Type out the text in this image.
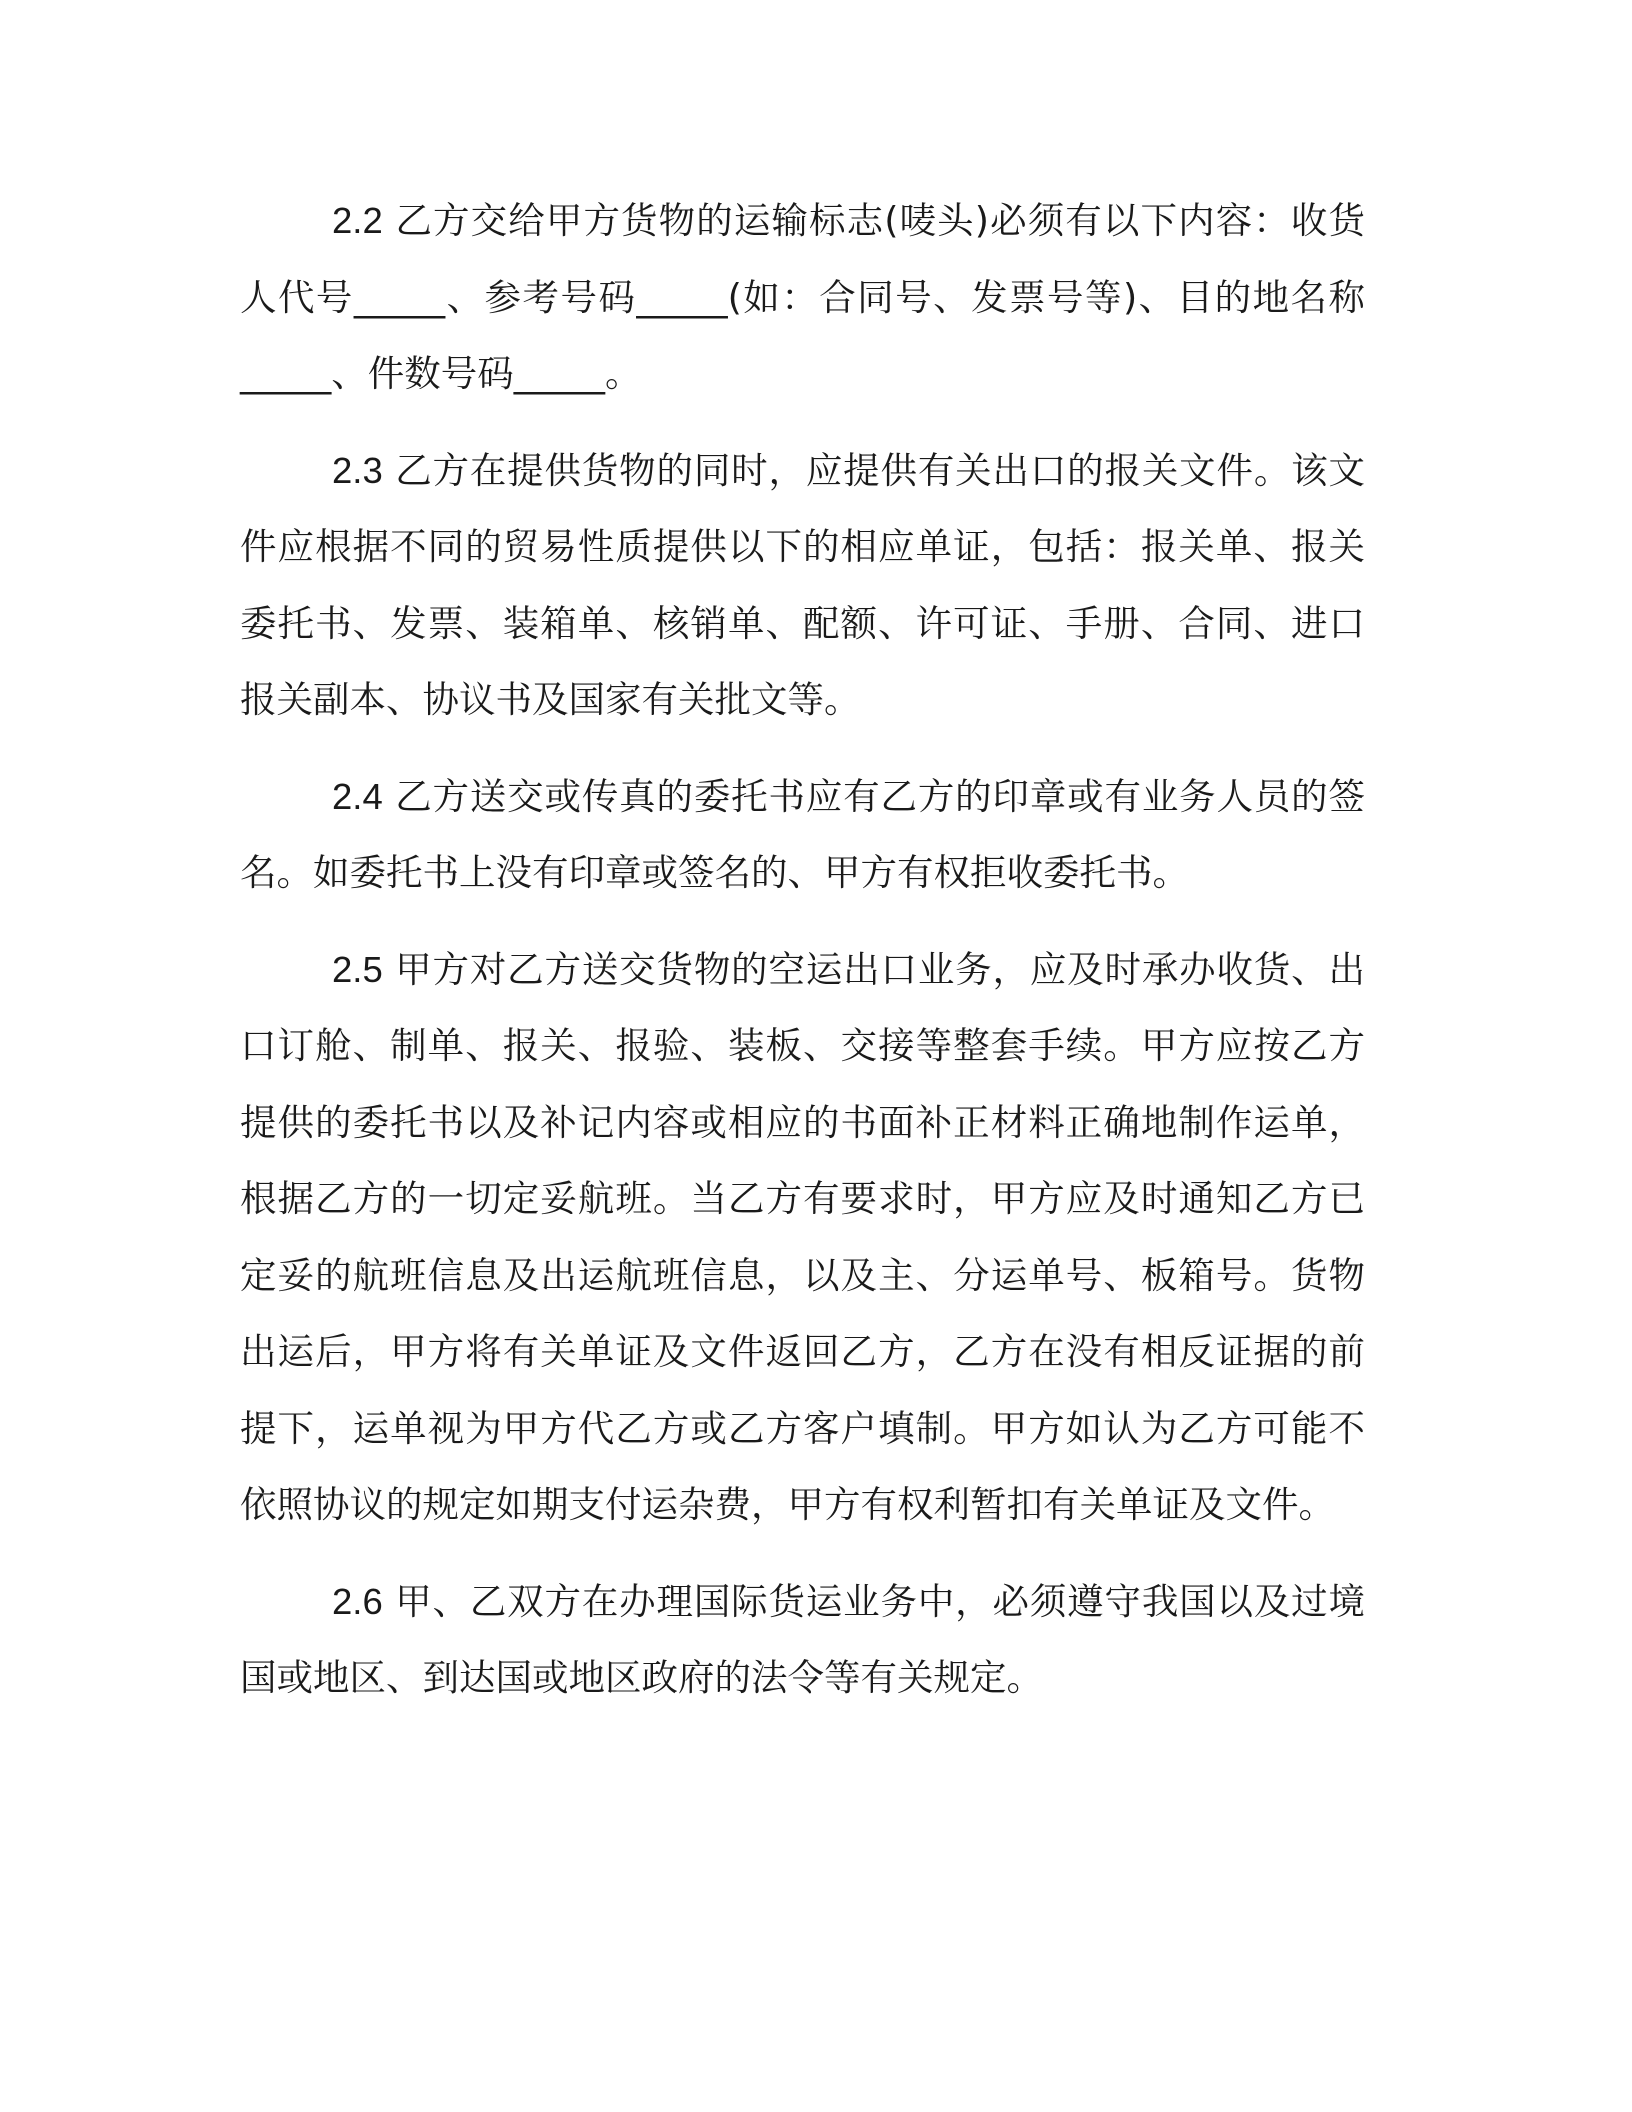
2.2 乙方交给甲方货物的运输标志(唛头)必须有以下内容：收货人代号_____、参考号码_____(如：合同号、发票号等)、目的地名称_____、件数号码_____。

2.3 乙方在提供货物的同时，应提供有关出口的报关文件。该文件应根据不同的贸易性质提供以下的相应单证，包括：报关单、报关委托书、发票、装箱单、核销单、配额、许可证、手册、合同、进口报关副本、协议书及国家有关批文等。

2.4 乙方送交或传真的委托书应有乙方的印章或有业务人员的签名。如委托书上没有印章或签名的、甲方有权拒收委托书。

2.5 甲方对乙方送交货物的空运出口业务，应及时承办收货、出口订舱、制单、报关、报验、装板、交接等整套手续。甲方应按乙方提供的委托书以及补记内容或相应的书面补正材料正确地制作运单，根据乙方的一切定妥航班。当乙方有要求时，甲方应及时通知乙方已定妥的航班信息及出运航班信息，以及主、分运单号、板箱号。货物出运后，甲方将有关单证及文件返回乙方，乙方在没有相反证据的前提下，运单视为甲方代乙方或乙方客户填制。甲方如认为乙方可能不依照协议的规定如期支付运杂费，甲方有权利暂扣有关单证及文件。

2.6 甲、乙双方在办理国际货运业务中，必须遵守我国以及过境国或地区、到达国或地区政府的法令等有关规定。
